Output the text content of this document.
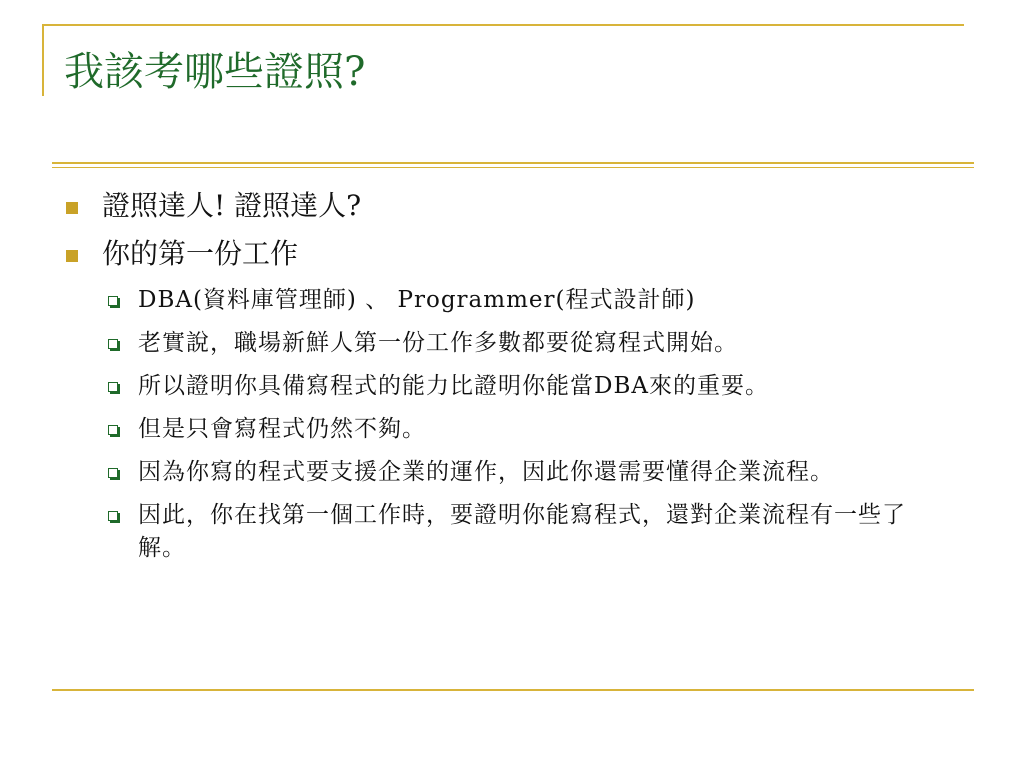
我該考哪些證照?
證照達人! 證照達人?
你的第一份工作
DBA(資料庫管理師) 、 Programmer(程式設計師)
老實說，職場新鮮人第一份工作多數都要從寫程式開始。
所以證明你具備寫程式的能力比證明你能當DBA來的重要。
但是只會寫程式仍然不夠。
因為你寫的程式要支援企業的運作，因此你還需要懂得企業流程。
因此，你在找第一個工作時，要證明你能寫程式，還對企業流程有一些了解。
